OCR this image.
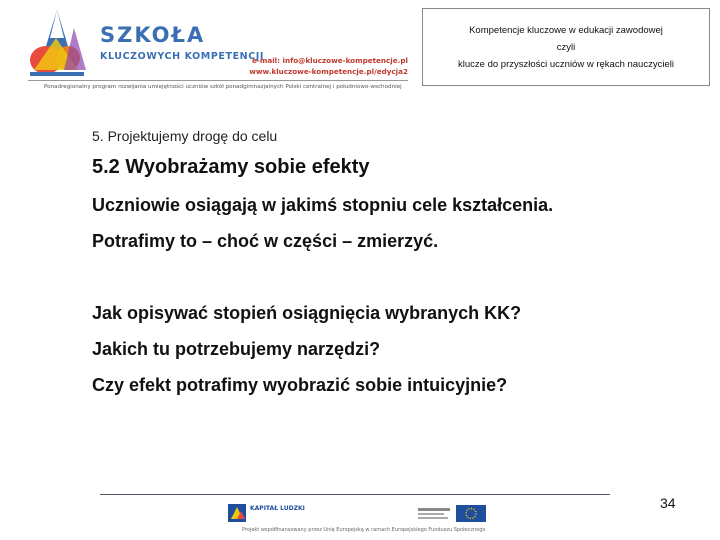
SZKOŁA
KLUCZOWYCH KOMPETENCJI
e-mail: info@kluczowe-kompetencje.pl
www.kluczowe-kompetencje.pl/edycja2
Ponadregionalny program rozwijania umiejętności uczniów szkół ponadgimnazjalnych Polski centralnej i południowo-wschodniej
Kompetencje kluczowe w edukacji zawodowej
czyli
klucze do przyszłości uczniów w rękach nauczycieli
5. Projektujemy drogę do celu
5.2 Wyobrażamy sobie efekty
Uczniowie osiągają w jakimś stopniu cele kształcenia.
Potrafimy to – choć w części – zmierzyć.
Jak opisywać stopień osiągnięcia wybranych KK?
Jakich tu potrzebujemy narzędzi?
Czy efekt potrafimy wyobrazić sobie intuicyjnie?
34
KAPITAŁ LUDZKI
Projekt współfinansowany przez Unię Europejską w ramach Europejskiego Funduszu Społecznego
